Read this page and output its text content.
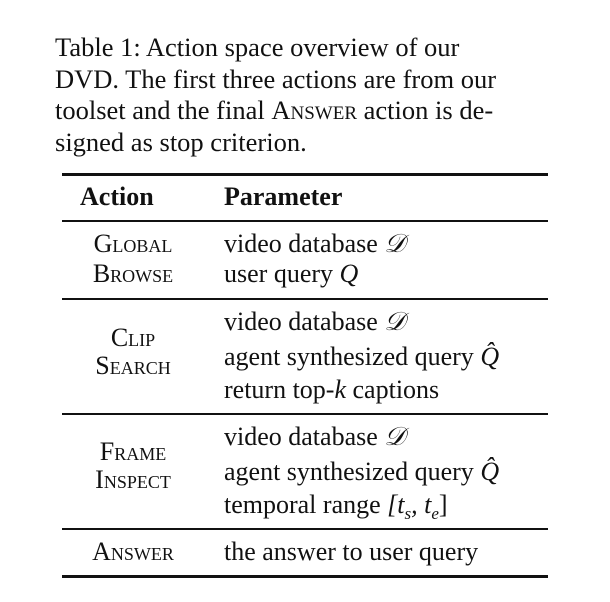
Table 1: Action space overview of our
DVD. The first three actions are from our
toolset and the final Answer action is de-
signed as stop criterion.
Action	Parameter
Global
Browse
video database 𝒟
user query Q
Clip
Search
video database 𝒟
agent synthesized query Q̂
return top-k captions
Frame
Inspect
video database 𝒟
agent synthesized query Q̂
temporal range [$t_s$, $t_e$]
Answer	the answer to user query
